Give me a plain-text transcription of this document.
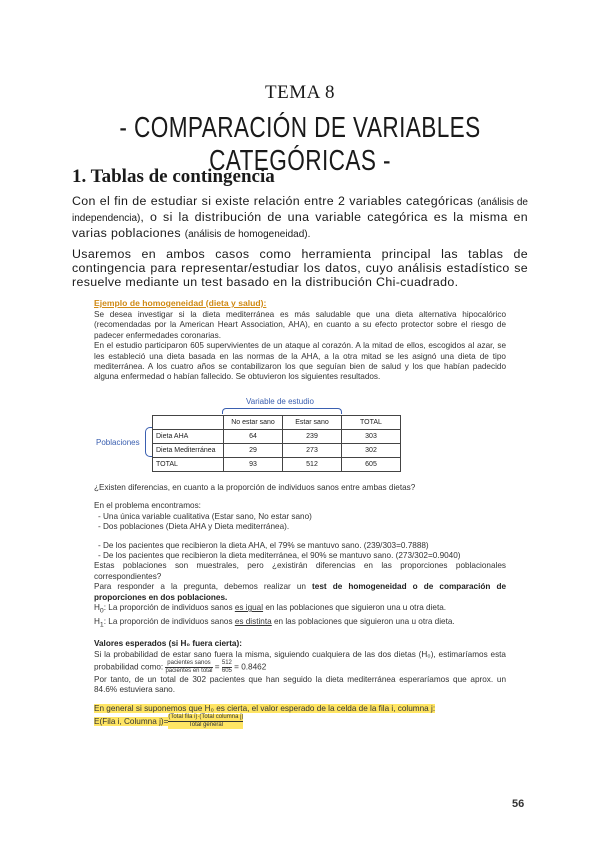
TEMA 8
- COMPARACIÓN DE VARIABLES CATEGÓRICAS -
1. Tablas de contingencia
Con el fin de estudiar si existe relación entre 2 variables categóricas (análisis de independencia), o si la distribución de una variable categórica es la misma en varias poblaciones (análisis de homogeneidad).
Usaremos en ambos casos como herramienta principal las tablas de contingencia para representar/estudiar los datos, cuyo análisis estadístico se resuelve mediante un test basado en la distribución Chi-cuadrado.
Ejemplo de homogeneidad (dieta y salud):
Se desea investigar si la dieta mediterránea es más saludable que una dieta alternativa hipocalórico (recomendadas por la American Heart Association, AHA), en cuanto a su efecto protector sobre el riesgo de padecer enfermedades coronarias.
En el estudio participaron 605 supervivientes de un ataque al corazón. A la mitad de ellos, escogidos al azar, se les estableció una dieta basada en las normas de la AHA, a la otra mitad se les asignó una dieta de tipo mediterránea. A los cuatro años se contabilizaron los que seguían bien de salud y los que habían padecido alguna enfermedad o habían fallecido. Se obtuvieron los siguientes resultados.
Variable de estudio
Poblaciones
	No estar sano	Estar sano	TOTAL
Dieta AHA	64	239	303
Dieta Mediterránea	29	273	302
TOTAL	93	512	605
¿Existen diferencias, en cuanto a la proporción de individuos sanos entre ambas dietas?
En el problema encontramos:
- Una única variable cualitativa (Estar sano, No estar sano)
- Dos poblaciones (Dieta AHA y Dieta mediterránea).
- De los pacientes que recibieron la dieta AHA, el 79% se mantuvo sano. (239/303=0.7888)
- De los pacientes que recibieron la dieta mediterránea, el 90% se mantuvo sano. (273/302=0.9040)
Estas poblaciones son muestrales, pero ¿existirán diferencias en las proporciones poblacionales correspondientes?
Para responder a la pregunta, debemos realizar un test de homogeneidad o de comparación de proporciones en dos poblaciones.
$H_0$: La proporción de individuos sanos es igual en las poblaciones que siguieron una u otra dieta.
$H_1$: La proporción de individuos sanos es distinta en las poblaciones que siguieron una u otra dieta.
Valores esperados (si H₀ fuera cierta):
Si la probabilidad de estar sano fuera la misma, siguiendo cualquiera de las dos dietas (H₀), estimaríamos esta probabilidad como: $\frac{\text{pacientes sanos}}{\text{pacientes en total}} = \frac{512}{605} = 0.8462$
Por tanto, de un total de 302 pacientes que han seguido la dieta mediterránea esperaríamos que aprox. un 84.6% estuviera sano.
En general si suponemos que H₀ es cierta, el valor esperado de la celda de la fila i, columna j:
E(Fila i, Columna $j)= \frac{\text{(Total fila i)·(Total columna j)}}{\text{Total general}}$
56
